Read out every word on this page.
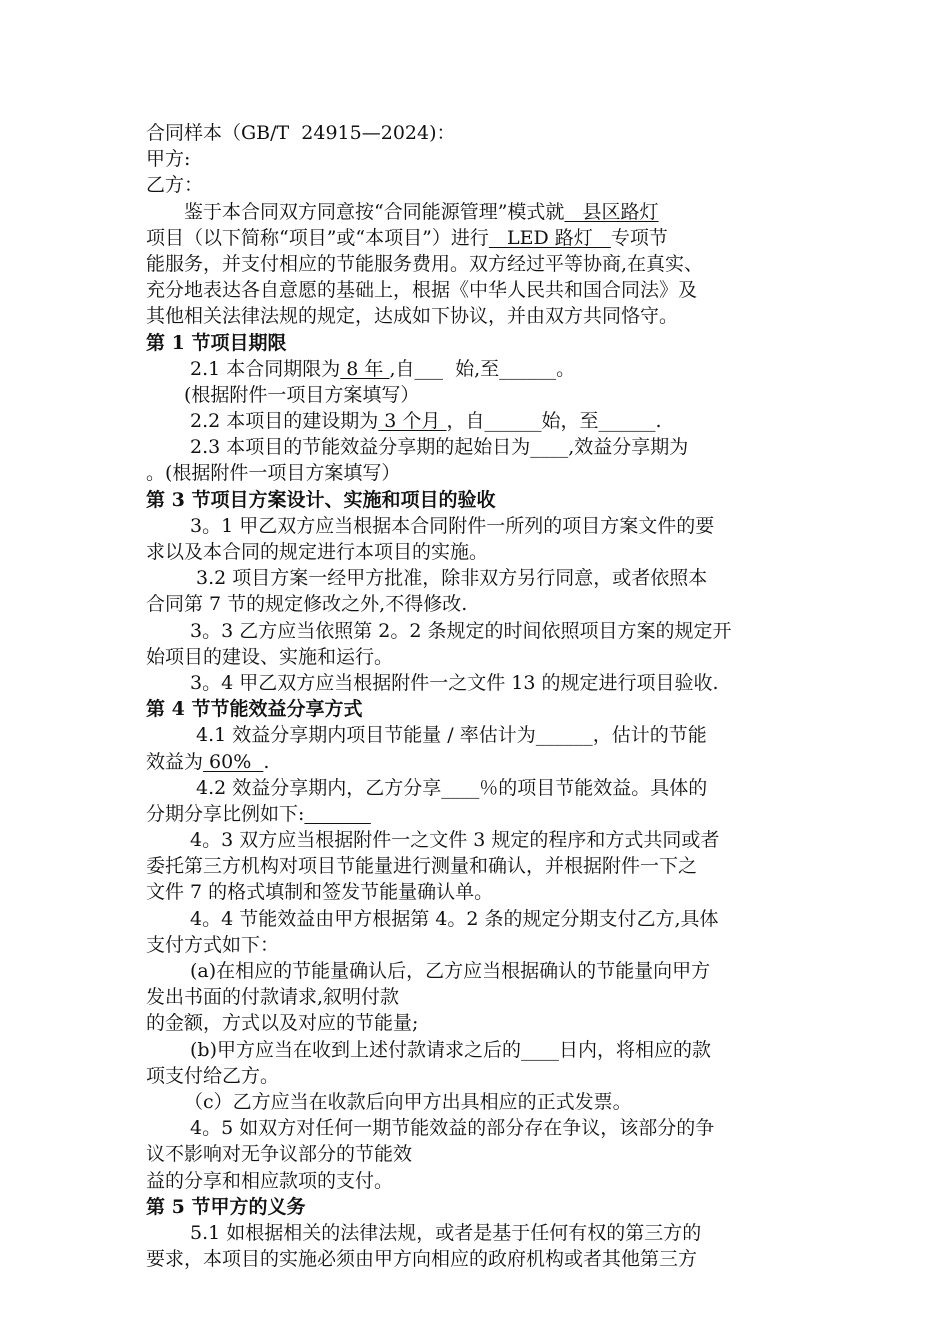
合同样本（GB/T  24915—2024)：
甲方:
乙方：
鉴于本合同双方同意按“合同能源管理”模式就   县区路灯
项目（以下简称“项目”或“本项目”）进行   LED 路灯   专项节
能服务，并支付相应的节能服务费用。双方经过平等协商,在真实、
充分地表达各自意愿的基础上，根据《中华人民共和国合同法》及
其他相关法律法规的规定，达成如下协议，并由双方共同恪守。
第 1 节项目期限
2.1 本合同期限为 8 年 ,自___  始,至______。
(根据附件一项目方案填写）
2.2 本项目的建设期为 3 个月 ，自______始，至______.
2.3 本项目的节能效益分享期的起始日为____,效益分享期为
。(根据附件一项目方案填写）
第 3 节项目方案设计、实施和项目的验收
3。1 甲乙双方应当根据本合同附件一所列的项目方案文件的要
求以及本合同的规定进行本项目的实施。
3.2 项目方案一经甲方批准，除非双方另行同意，或者依照本
合同第 7 节的规定修改之外,不得修改.
3。3 乙方应当依照第 2。2 条规定的时间依照项目方案的规定开
始项目的建设、实施和运行。
3。4 甲乙双方应当根据附件一之文件 13 的规定进行项目验收.
第 4 节节能效益分享方式
4.1 效益分享期内项目节能量 / 率估计为______，估计的节能
效益为 60%  .
4.2 效益分享期内，乙方分享____％的项目节能效益。具体的
分期分享比例如下:
4。3 双方应当根据附件一之文件 3 规定的程序和方式共同或者
委托第三方机构对项目节能量进行测量和确认，并根据附件一下之
文件 7 的格式填制和签发节能量确认单。
4。4 节能效益由甲方根据第 4。2 条的规定分期支付乙方,具体
支付方式如下：
(a)在相应的节能量确认后，乙方应当根据确认的节能量向甲方
发出书面的付款请求,叙明付款
的金额，方式以及对应的节能量;
(b)甲方应当在收到上述付款请求之后的____日内，将相应的款
项支付给乙方。
（c）乙方应当在收款后向甲方出具相应的正式发票。
4。5 如双方对任何一期节能效益的部分存在争议，该部分的争
议不影响对无争议部分的节能效
益的分享和相应款项的支付。
第 5 节甲方的义务
5.1 如根据相关的法律法规，或者是基于任何有权的第三方的
要求，本项目的实施必须由甲方向相应的政府机构或者其他第三方
